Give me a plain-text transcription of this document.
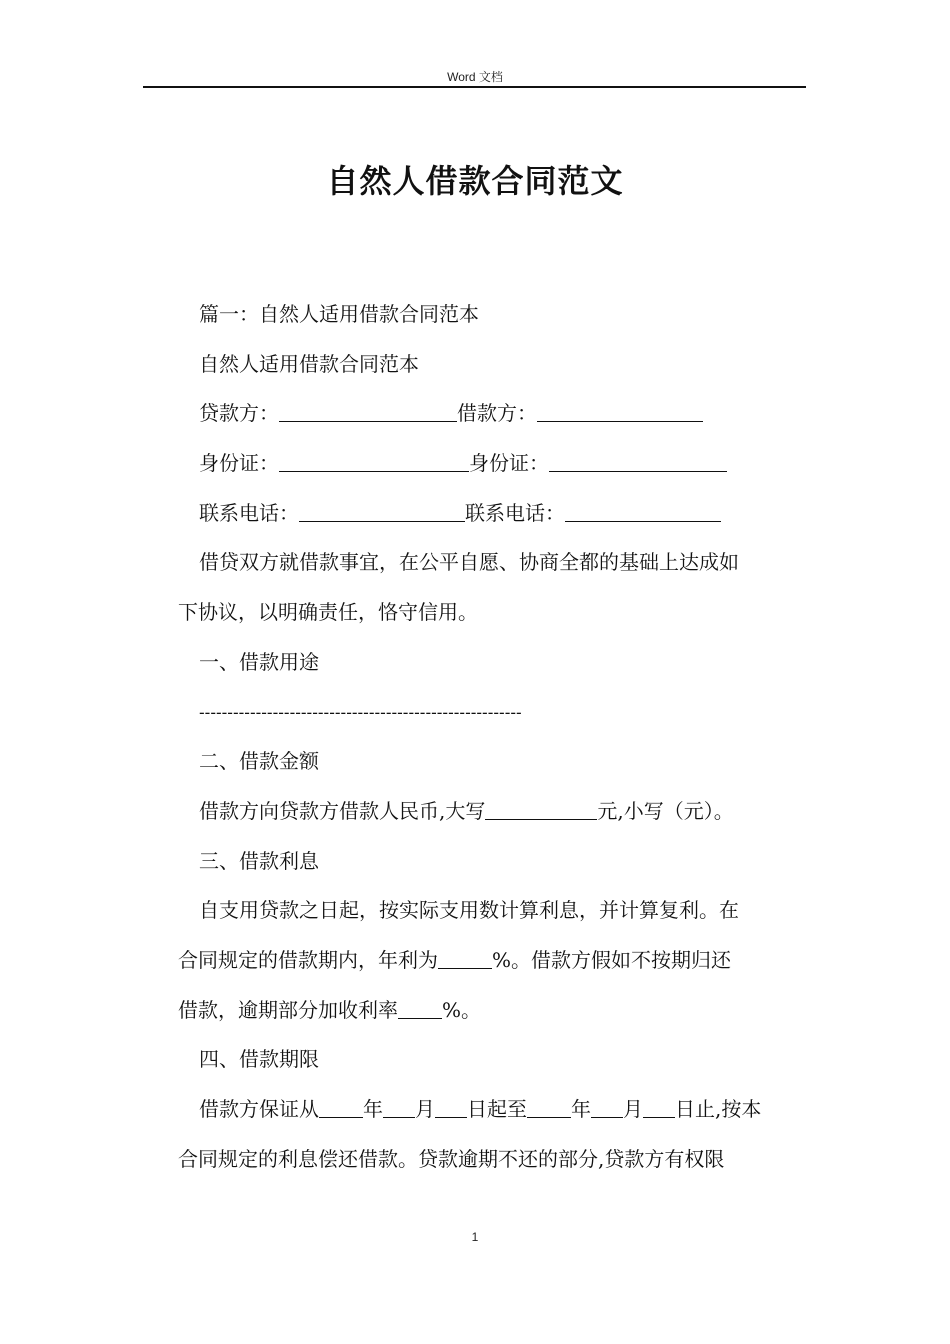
Word 文档
自然人借款合同范文
篇一：自然人适用借款合同范本
自然人适用借款合同范本
贷款方：	借款方：
身份证：	身份证：
联系电话：	联系电话：
借贷双方就借款事宜，在公平自愿、协商全都的基础上达成如
下协议，以明确责任，恪守信用。
一、借款用途
---------------------------------------------------------
二、借款金额
借款方向贷款方借款人民币,大写	元,小写（元）。
三、借款利息
自支用贷款之日起，按实际支用数计算利息，并计算复利。在
合同规定的借款期内，年利为	%。借款方假如不按期归还
借款，逾期部分加收利率 %。
四、借款期限
借款方保证从 年 月 日起至 年 月 日止,按本
合同规定的利息偿还借款。贷款逾期不还的部分,贷款方有权限
1
